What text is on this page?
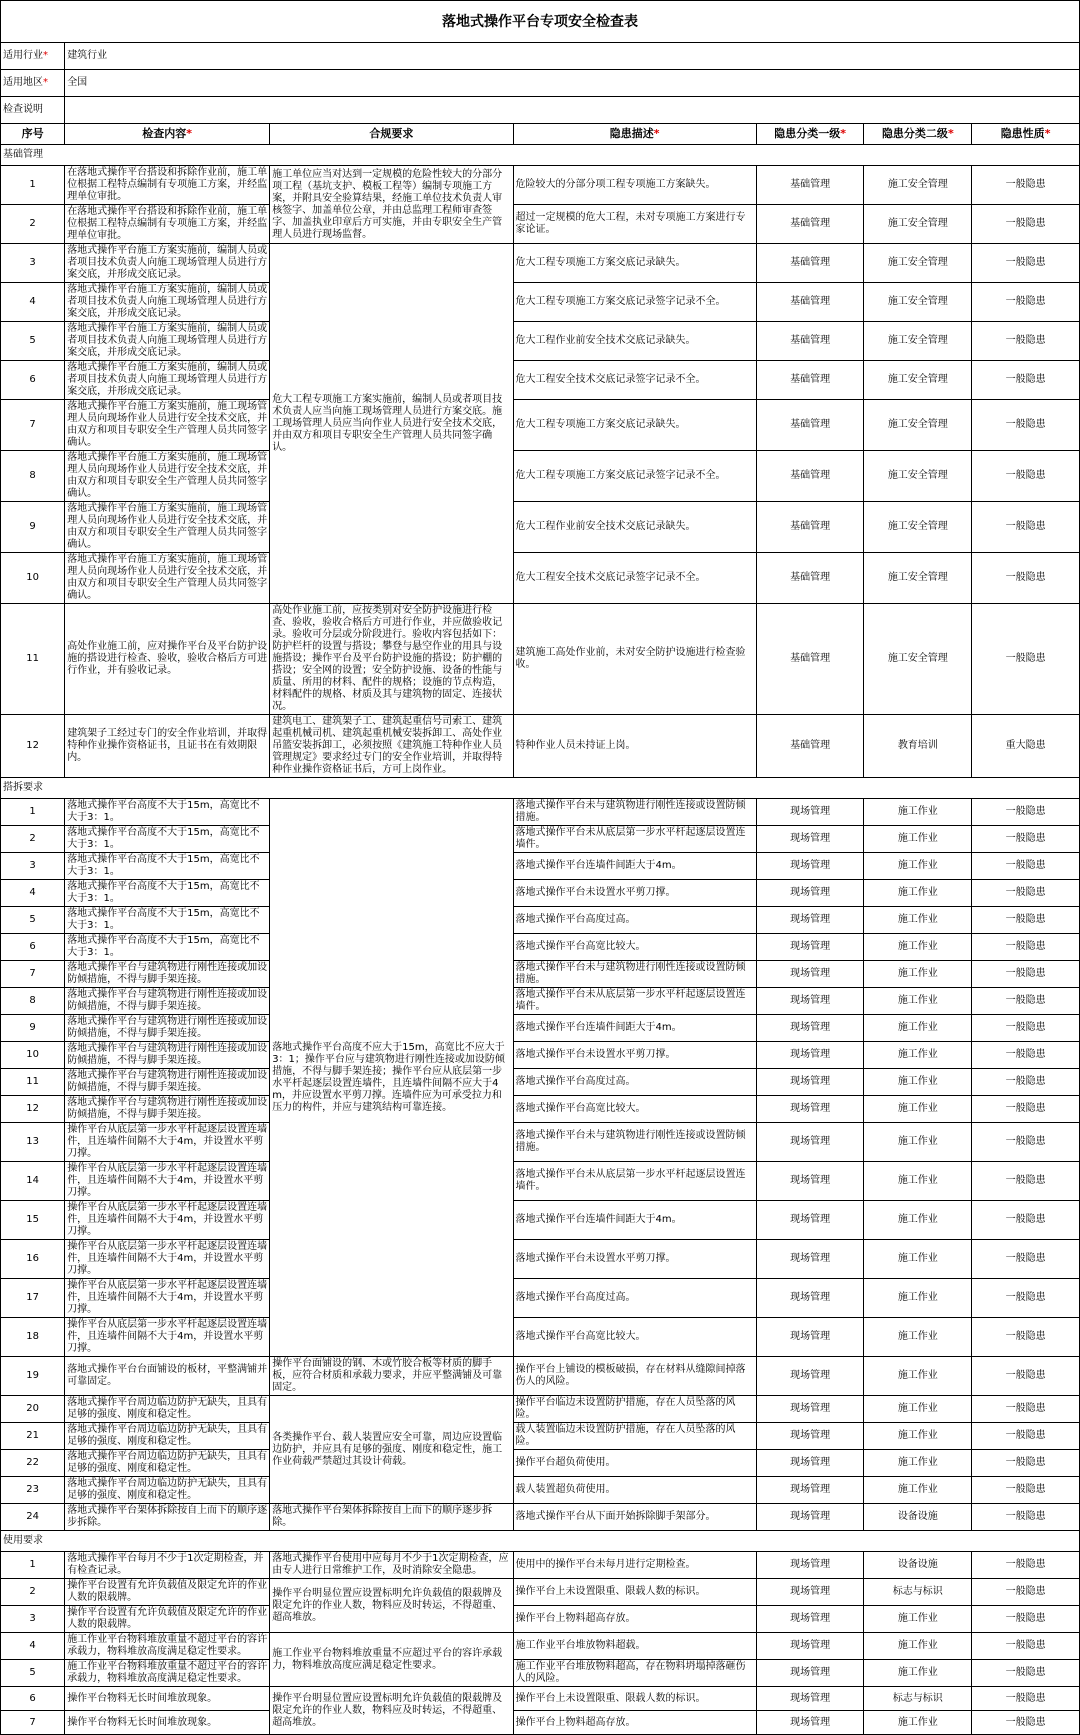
落地式操作平台专项安全检查表						
适用行业*	建筑行业					
适用地区*	全国					
检查说明						
序号	检查内容*	合规要求	隐患描述*	隐患分类一级*	隐患分类二级*	隐患性质*
基础管理						
1	在落地式操作平台搭设和拆除作业前，施工单位根据工程特点编制有专项施工方案，并经监理单位审批。	施工单位应当对达到一定规模的危险性较大的分部分项工程（基坑支护、模板工程等）编制专项施工方案，并附具安全验算结果，经施工单位技术负责人审核签字、加盖单位公章，并由总监理工程师审查签字、加盖执业印章后方可实施，并由专职安全生产管理人员进行现场监督。	危险较大的分部分项工程专项施工方案缺失。	基础管理	施工安全管理	一般隐患
2	在落地式操作平台搭设和拆除作业前，施工单位根据工程特点编制有专项施工方案，并经监理单位审批。		超过一定规模的危大工程，未对专项施工方案进行专家论证。	基础管理	施工安全管理	一般隐患
3	落地式操作平台施工方案实施前，编制人员或者项目技术负责人向施工现场管理人员进行方案交底，并形成交底记录。	危大工程专项施工方案实施前，编制人员或者项目技术负责人应当向施工现场管理人员进行方案交底。施工现场管理人员应当向作业人员进行安全技术交底，并由双方和项目专职安全生产管理人员共同签字确认。	危大工程专项施工方案交底记录缺失。	基础管理	施工安全管理	一般隐患
4	落地式操作平台施工方案实施前，编制人员或者项目技术负责人向施工现场管理人员进行方案交底，并形成交底记录。		危大工程专项施工方案交底记录签字记录不全。	基础管理	施工安全管理	一般隐患
5	落地式操作平台施工方案实施前，编制人员或者项目技术负责人向施工现场管理人员进行方案交底，并形成交底记录。		危大工程作业前安全技术交底记录缺失。	基础管理	施工安全管理	一般隐患
6	落地式操作平台施工方案实施前，编制人员或者项目技术负责人向施工现场管理人员进行方案交底，并形成交底记录。		危大工程安全技术交底记录签字记录不全。	基础管理	施工安全管理	一般隐患
7	落地式操作平台施工方案实施前，施工现场管理人员向现场作业人员进行安全技术交底，并由双方和项目专职安全生产管理人员共同签字确认。		危大工程专项施工方案交底记录缺失。	基础管理	施工安全管理	一般隐患
8	落地式操作平台施工方案实施前，施工现场管理人员向现场作业人员进行安全技术交底，并由双方和项目专职安全生产管理人员共同签字确认。		危大工程专项施工方案交底记录签字记录不全。	基础管理	施工安全管理	一般隐患
9	落地式操作平台施工方案实施前，施工现场管理人员向现场作业人员进行安全技术交底，并由双方和项目专职安全生产管理人员共同签字确认。		危大工程作业前安全技术交底记录缺失。	基础管理	施工安全管理	一般隐患
10	落地式操作平台施工方案实施前，施工现场管理人员向现场作业人员进行安全技术交底，并由双方和项目专职安全生产管理人员共同签字确认。		危大工程安全技术交底记录签字记录不全。	基础管理	施工安全管理	一般隐患
11	高处作业施工前，应对操作平台及平台防护设施的搭设进行检查、验收，验收合格后方可进行作业，并有验收记录。	高处作业施工前，应按类别对安全防护设施进行检查、验收，验收合格后方可进行作业，并应做验收记录。验收可分层或分阶段进行。验收内容包括如下：防护栏杆的设置与搭设；攀登与悬空作业的用具与设施搭设；操作平台及平台防护设施的搭设；防护棚的搭设；安全网的设置；安全防护设施、设备的性能与质量、所用的材料、配件的规格；设施的节点构造，材料配件的规格、材质及其与建筑物的固定、连接状况。	建筑施工高处作业前，未对安全防护设施进行检查验收。	基础管理	施工安全管理	一般隐患
12	建筑架子工经过专门的安全作业培训，并取得特种作业操作资格证书，且证书在有效期限内。	建筑电工、建筑架子工、建筑起重信号司索工、建筑起重机械司机、建筑起重机械安装拆卸工、高处作业吊篮安装拆卸工，必须按照《建筑施工特种作业人员管理规定》要求经过专门的安全作业培训，并取得特种作业操作资格证书后，方可上岗作业。	特种作业人员未持证上岗。	基础管理	教育培训	重大隐患
搭拆要求						
1	落地式操作平台高度不大于15m，高宽比不大于3：1。	落地式操作平台高度不应大于15m，高宽比不应大于3：1；操作平台应与建筑物进行刚性连接或加设防倾措施，不得与脚手架连接；操作平台应从底层第一步水平杆起逐层设置连墙件，且连墙件间隔不应大于4m，并应设置水平剪刀撑。连墙件应为可承受拉力和压力的构件，并应与建筑结构可靠连接。	落地式操作平台未与建筑物进行刚性连接或设置防倾措施。	现场管理	施工作业	一般隐患
2	落地式操作平台高度不大于15m，高宽比不大于3：1。		落地式操作平台未从底层第一步水平杆起逐层设置连墙件。	现场管理	施工作业	一般隐患
3	落地式操作平台高度不大于15m，高宽比不大于3：1。		落地式操作平台连墙件间距大于4m。	现场管理	施工作业	一般隐患
4	落地式操作平台高度不大于15m，高宽比不大于3：1。		落地式操作平台未设置水平剪刀撑。	现场管理	施工作业	一般隐患
5	落地式操作平台高度不大于15m，高宽比不大于3：1。		落地式操作平台高度过高。	现场管理	施工作业	一般隐患
6	落地式操作平台高度不大于15m，高宽比不大于3：1。		落地式操作平台高宽比较大。	现场管理	施工作业	一般隐患
7	落地式操作平台与建筑物进行刚性连接或加设防倾措施，不得与脚手架连接。		落地式操作平台未与建筑物进行刚性连接或设置防倾措施。	现场管理	施工作业	一般隐患
8	落地式操作平台与建筑物进行刚性连接或加设防倾措施，不得与脚手架连接。		落地式操作平台未从底层第一步水平杆起逐层设置连墙件。	现场管理	施工作业	一般隐患
9	落地式操作平台与建筑物进行刚性连接或加设防倾措施，不得与脚手架连接。		落地式操作平台连墙件间距大于4m。	现场管理	施工作业	一般隐患
10	落地式操作平台与建筑物进行刚性连接或加设防倾措施，不得与脚手架连接。		落地式操作平台未设置水平剪刀撑。	现场管理	施工作业	一般隐患
11	落地式操作平台与建筑物进行刚性连接或加设防倾措施，不得与脚手架连接。		落地式操作平台高度过高。	现场管理	施工作业	一般隐患
12	落地式操作平台与建筑物进行刚性连接或加设防倾措施，不得与脚手架连接。		落地式操作平台高宽比较大。	现场管理	施工作业	一般隐患
13	操作平台从底层第一步水平杆起逐层设置连墙件，且连墙件间隔不大于4m，并设置水平剪刀撑。		落地式操作平台未与建筑物进行刚性连接或设置防倾措施。	现场管理	施工作业	一般隐患
14	操作平台从底层第一步水平杆起逐层设置连墙件，且连墙件间隔不大于4m，并设置水平剪刀撑。		落地式操作平台未从底层第一步水平杆起逐层设置连墙件。	现场管理	施工作业	一般隐患
15	操作平台从底层第一步水平杆起逐层设置连墙件，且连墙件间隔不大于4m，并设置水平剪刀撑。		落地式操作平台连墙件间距大于4m。	现场管理	施工作业	一般隐患
16	操作平台从底层第一步水平杆起逐层设置连墙件，且连墙件间隔不大于4m，并设置水平剪刀撑。		落地式操作平台未设置水平剪刀撑。	现场管理	施工作业	一般隐患
17	操作平台从底层第一步水平杆起逐层设置连墙件，且连墙件间隔不大于4m，并设置水平剪刀撑。		落地式操作平台高度过高。	现场管理	施工作业	一般隐患
18	操作平台从底层第一步水平杆起逐层设置连墙件，且连墙件间隔不大于4m，并设置水平剪刀撑。		落地式操作平台高宽比较大。	现场管理	施工作业	一般隐患
19	落地式操作平台台面铺设的板材，平整满铺并可靠固定。	操作平台面铺设的钢、木或竹胶合板等材质的脚手板，应符合材质和承载力要求，并应平整满铺及可靠固定。	操作平台上铺设的模板破损，存在材料从缝隙间掉落伤人的风险。	现场管理	施工作业	一般隐患
20	落地式操作平台周边临边防护无缺失，且具有足够的强度、刚度和稳定性。	各类操作平台、载人装置应安全可靠，周边应设置临边防护，并应具有足够的强度、刚度和稳定性，施工作业荷载严禁超过其设计荷载。	操作平台临边未设置防护措施，存在人员坠落的风险。	现场管理	施工作业	一般隐患
21	落地式操作平台周边临边防护无缺失，且具有足够的强度、刚度和稳定性。		载人装置临边未设置防护措施，存在人员坠落的风险。	现场管理	施工作业	一般隐患
22	落地式操作平台周边临边防护无缺失，且具有足够的强度、刚度和稳定性。		操作平台超负荷使用。	现场管理	施工作业	一般隐患
23	落地式操作平台周边临边防护无缺失，且具有足够的强度、刚度和稳定性。		载人装置超负荷使用。	现场管理	施工作业	一般隐患
24	落地式操作平台架体拆除按自上而下的顺序逐步拆除。	落地式操作平台架体拆除按自上而下的顺序逐步拆除。	落地式操作平台从下面开始拆除脚手架部分。	现场管理	设备设施	一般隐患
使用要求						
1	落地式操作平台每月不少于1次定期检查，并有检查记录。	落地式操作平台使用中应每月不少于1次定期检查，应由专人进行日常维护工作，及时消除安全隐患。	使用中的操作平台未每月进行定期检查。	现场管理	设备设施	一般隐患
2	操作平台设置有允许负载值及限定允许的作业人数的限载牌。	操作平台明显位置应设置标明允许负载值的限载牌及限定允许的作业人数，物料应及时转运，不得超重、超高堆放。	操作平台上未设置限重、限载人数的标识。	现场管理	标志与标识	一般隐患
3	操作平台设置有允许负载值及限定允许的作业人数的限载牌。		操作平台上物料超高存放。	现场管理	施工作业	一般隐患
4	施工作业平台物料堆放重量不超过平台的容许承载力，物料堆放高度满足稳定性要求。	施工作业平台物料堆放重量不应超过平台的容许承载力，物料堆放高度应满足稳定性要求。	施工作业平台堆放物料超载。	现场管理	施工作业	一般隐患
5	施工作业平台物料堆放重量不超过平台的容许承载力，物料堆放高度满足稳定性要求。		施工作业平台堆放物料超高，存在物料坍塌掉落砸伤人的风险。	现场管理	施工作业	一般隐患
6	操作平台物料无长时间堆放现象。	操作平台明显位置应设置标明允许负载值的限载牌及限定允许的作业人数，物料应及时转运，不得超重、超高堆放。	操作平台上未设置限重、限载人数的标识。	现场管理	标志与标识	一般隐患
7	操作平台物料无长时间堆放现象。		操作平台上物料超高存放。	现场管理	施工作业	一般隐患
